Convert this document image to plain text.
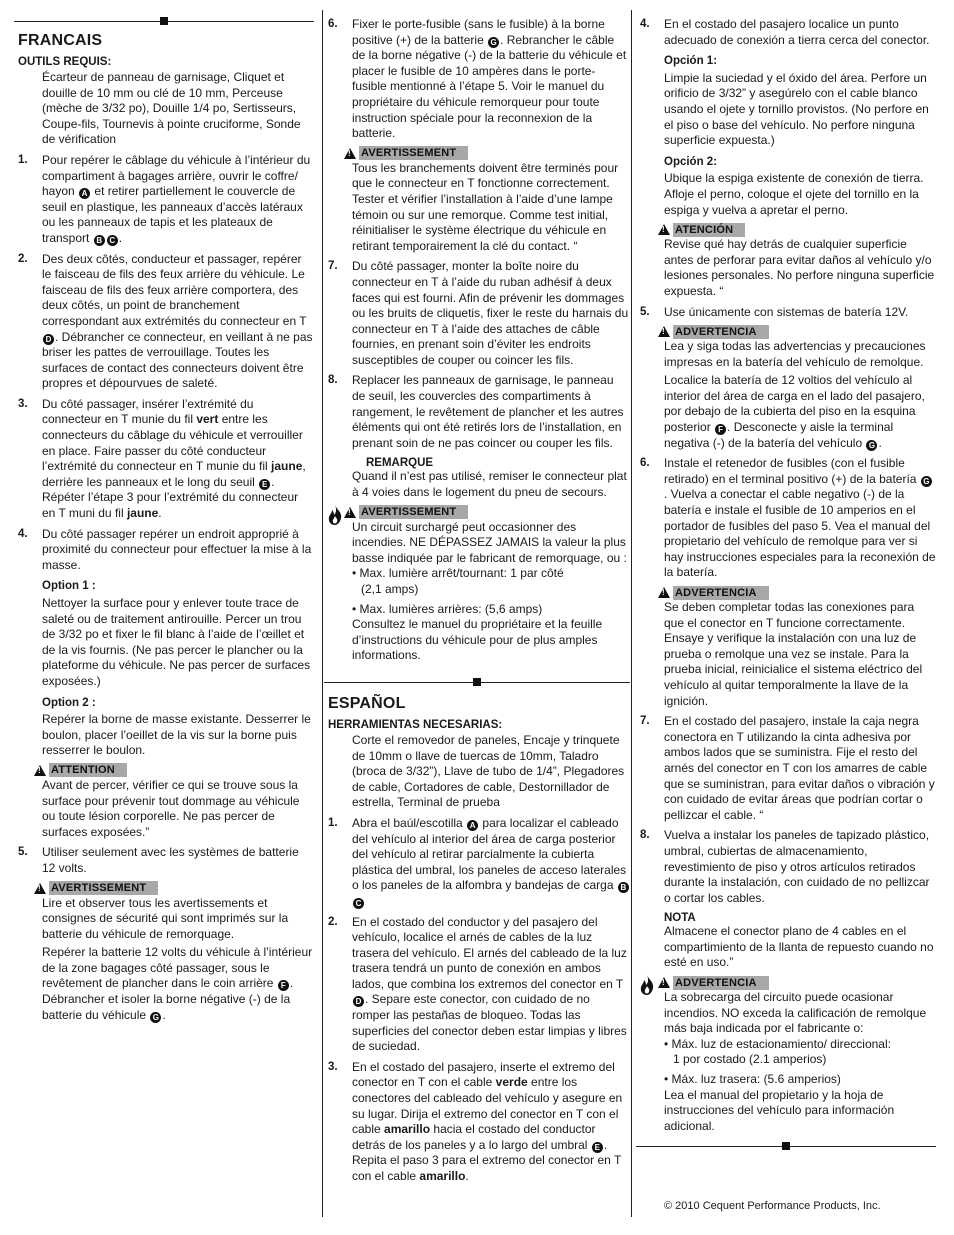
FRANCAIS
OUTILS REQUIS:

Écarteur de panneau de garnisage, Cliquet et douille de 10 mm ou clé de 10 mm, Perceuse (mèche de 3/32 po), Douille 1/4 po, Sertisseurs, Coupe-fils, Tournevis à pointe cruciforme, Sonde de vérification

1. Pour repérer le câblage du véhicule à l’intérieur du compartiment à bagages arrière, ouvrir le coffre/ hayon A et retirer partiellement le couvercle de seuil en plastique, les panneaux d’accès latéraux ou les panneaux de tapis et les plateaux de transport B C .
2. Des deux côtés, conducteur et passager, repérer le faisceau de fils des feux arrière du véhicule. Le faisceau de fils des feux arrière comportera, des deux côtés, un point de branchement correspondant aux extrémités du connecteur en T D . Débrancher ce connecteur, en veillant à ne pas briser les pattes de verrouillage. Toutes les surfaces de contact des connecteurs doivent être propres et dépourvues de saleté.
3. Du côté passager, insérer l’extrémité du connecteur en T munie du fil vert entre les connecteurs du câblage du véhicule et verrouiller en place. Faire passer du côté conducteur l’extrémité du connecteur en T munie du fil jaune, derrière les panneaux et le long du seuil E . Répéter l’étape 3 pour l’extrémité du connecteur en T muni du fil jaune.
4. Du côté passager repérer un endroit approprié à proximité du connecteur pour effectuer la mise à la masse.
Option 1 :
Nettoyer la surface pour y enlever toute trace de saleté ou de traitement antirouille. Percer un trou de 3/32 po et fixer le fil blanc à l’aide de l’œillet et de la vis fournis. (Ne pas percer le plancher ou la plateforme du véhicule. Ne pas percer de surfaces exposées.)
Option 2 :
Repérer la borne de masse existante. Desserrer le boulon, placer l’oeillet de la vis sur la borne puis resserrer le boulon.
!
ATTENTION

Avant de percer, vérifier ce qui se trouve sous la surface pour prévenir tout dommage au véhicule ou toute lésion corporelle. Ne pas percer de surfaces exposées.”

5. Utiliser seulement avec les systèmes de batterie 12 volts.
!
AVERTISSEMENT

Lire et observer tous les avertissements et consignes de sécurité qui sont imprimés sur la batterie du véhicule de remorquage.

Repérer la batterie 12 volts du véhicule à l’intérieur de la zone bagages côté passager, sous le revêtement de plancher dans le coin arrière F . Débrancher et isoler la borne négative (-) de la batterie du véhicule G .

6. Fixer le porte-fusible (sans le fusible) à la borne positive (+) de la batterie G . Rebrancher le câble de la borne négative (-) de la batterie du véhicule et placer le fusible de 10 ampères dans le porte-fusible mentionné à l’étape 5. Voir le manuel du propriétaire du véhicule remorqueur pour toute instruction spéciale pour la reconnexion de la batterie.
!
AVERTISSEMENT

Tous les branchements doivent être terminés pour que le connecteur en T fonctionne correctement. Tester et vérifier l’installation à l’aide d’une lampe témoin ou sur une remorque. Comme test initial, réinitialiser le système électrique du véhicule en retirant temporairement la clé du contact. “

7. Du côté passager, monter la boîte noire du connecteur en T à l’aide du ruban adhésif à deux faces qui est fourni. Afin de prévenir les dommages ou les bruits de cliquetis, fixer le reste du harnais du connecteur en T à l’aide des attaches de câble fournies, en prenant soin d’éviter les endroits susceptibles de couper ou coincer les fils.
8. Replacer les panneaux de garnisage, le panneau de seuil, les couvercles des compartiments à rangement, le revêtement de plancher et les autres éléments qui ont été retirés lors de l’installation, en prenant soin de ne pas coincer ou couper les fils.
REMARQUE

Quand il n’est pas utilisé, remiser le connecteur plat à 4 voies dans le logement du pneu de secours.

!
AVERTISSEMENT

Un circuit surchargé peut occasionner des incendies. NE DÉPASSEZ JAMAIS la valeur la plus basse indiquée par le fabricant de remorquage, ou :

• Max. lumière arrêt/tournant: 1 par côté

(2,1 amps)

• Max. lumières arrières: (5,6 amps)

Consultez le manuel du propriétaire et la feuille d’instructions du véhicule pour de plus amples informations.

ESPAÑOL
HERRAMIENTAS NECESARIAS:

Corte el removedor de paneles, Encaje y trinquete de 10mm o llave de tuercas de 10mm, Taladro (broca de 3/32”), Llave de tubo de 1/4”, Plegadores de cable, Cortadores de cable, Destornillador de estrella, Terminal de prueba

1. Abra el baúl/escotilla A para localizar el cableado del vehículo al interior del área de carga posterior del vehículo al retirar parcialmente la cubierta plástica del umbral, los paneles de acceso laterales o los paneles de la alfombra y bandejas de carga BC
2. En el costado del conductor y del pasajero del vehículo, localice el arnés de cables de la luz trasera del vehículo. El arnés del cableado de la luz trasera tendrá un punto de conexión en ambos lados, que combina los extremos del conector en T D . Separe este conector, con cuidado de no romper las pestañas de bloqueo. Todas las superficies del conector deben estar limpias y libres de suciedad.
3. En el costado del pasajero, inserte el extremo del conector en T con el cable verde entre los conectores del cableado del vehículo y asegure en su lugar. Dirija el extremo del conector en T con el cable amarillo hacia el costado del conductor detrás de los paneles y a lo largo del umbral E . Repita el paso 3 para el extremo del conector en T con el cable amarillo.
4. En el costado del pasajero localice un punto adecuado de conexión a tierra cerca del conector.
Opción 1:
Limpie la suciedad y el óxido del área. Perfore un orificio de 3/32” y asegúrelo con el cable blanco usando el ojete y tornillo provistos. (No perfore en el piso o base del vehículo. No perfore ninguna superficie expuesta.)
Opción 2:
Ubique la espiga existente de conexión de tierra. Afloje el perno, coloque el ojete del tornillo en la espiga y vuelva a apretar el perno.
!
ATENCIÓN

Revise qué hay detrás de cualquier superficie antes de perforar para evitar daños al vehículo y/o lesiones personales. No perfore ninguna superficie expuesta. “

5. Use únicamente con sistemas de batería 12V.
!
ADVERTENCIA

Lea y siga todas las advertencias y precauciones impresas en la batería del vehículo de remolque.

Localice la batería de 12 voltios del vehículo al interior del área de carga en el lado del pasajero, por debajo de la cubierta del piso en la esquina posterior F . Desconecte y aisle la terminal negativa (-) de la batería del vehículo G .

6. Instale el retenedor de fusibles (con el fusible retirado) en el terminal positivo (+) de la batería G. Vuelva a conectar el cable negativo (-) de la batería e instale el fusible de 10 amperios en el portador de fusibles del paso 5. Vea el manual del propietario del vehículo de remolque para ver si hay instrucciones especiales para la reconexión de la batería.
!
ADVERTENCIA

Se deben completar todas las conexiones para que el conector en T funcione correctamente. Ensaye y verifique la instalación con una luz de prueba o remolque una vez se instale. Para la prueba inicial, reinicialice el sistema eléctrico del vehículo al quitar temporalmente la llave de la ignición.

7. En el costado del pasajero, instale la caja negra conectora en T utilizando la cinta adhesiva por ambos lados que se suministra. Fije el resto del arnés del conector en T con los amarres de cable que se suministran, para evitar daños o vibración y con cuidado de evitar áreas que podrían cortar o pellizcar el cable. “
8. Vuelva a instalar los paneles de tapizado plástico, umbral, cubiertas de almacenamiento, revestimiento de piso y otros artículos retirados durante la instalación, con cuidado de no pellizcar o cortar los cables.
NOTA

Almacene el conector plano de 4 cables en el compartimiento de la llanta de repuesto cuando no esté en uso.”

!
ADVERTENCIA

La sobrecarga del circuito puede ocasionar incendios. NO exceda la calificación de remolque más baja indicada por el fabricante o:

• Máx. luz de estacionamiento/ direccional:

1 por costado (2.1 amperios)

• Máx. luz trasera: (5.6 amperios)

Lea el manual del propietario y la hoja de instrucciones del vehículo para información adicional.

© 2010 Cequent Performance Products, Inc.
